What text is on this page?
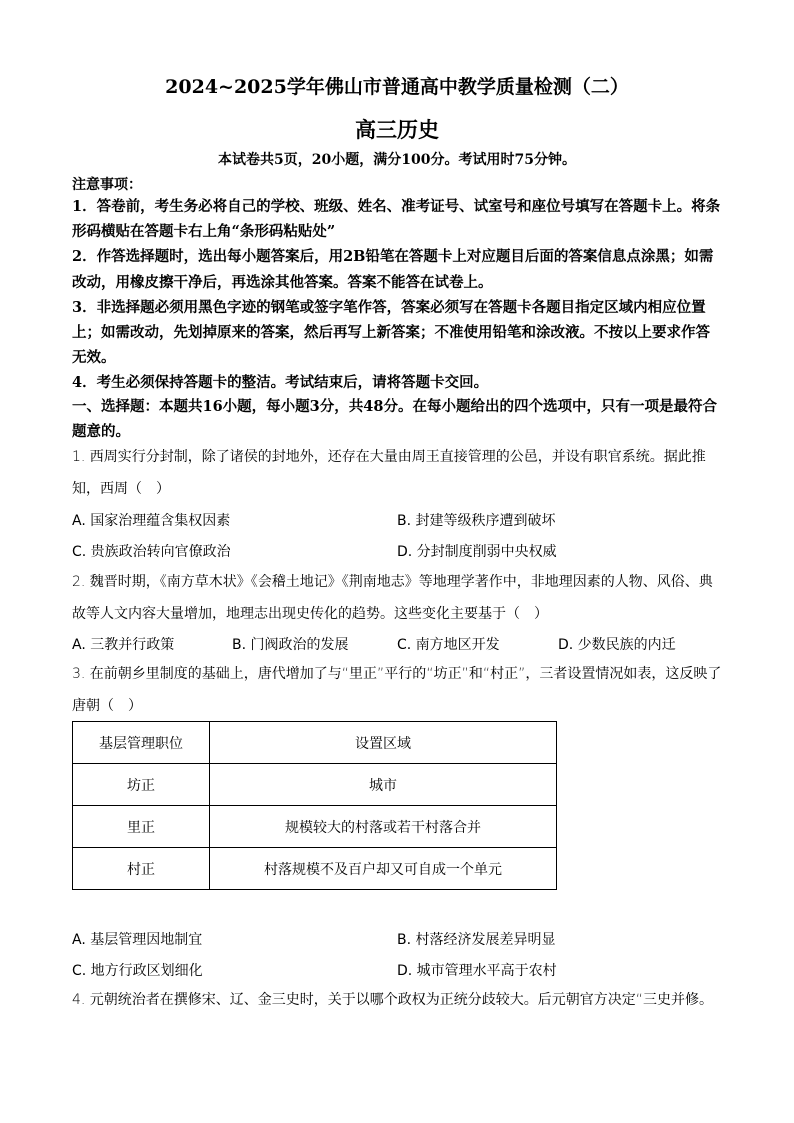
2024~2025学年佛山市普通高中教学质量检测（二）
高三历史
本试卷共5页，20小题，满分100分。考试用时75分钟。
注意事项：

1．答卷前，考生务必将自己的学校、班级、姓名、准考证号、试室号和座位号填写在答题卡上。将条形码横贴在答题卡右上角“条形码粘贴处”

2．作答选择题时，选出每小题答案后，用2B铅笔在答题卡上对应题目后面的答案信息点涂黑；如需改动，用橡皮擦干净后，再选涂其他答案。答案不能答在试卷上。

3．非选择题必须用黑色字迹的钢笔或签字笔作答，答案必须写在答题卡各题目指定区域内相应位置上；如需改动，先划掉原来的答案，然后再写上新答案；不准使用铅笔和涂改液。不按以上要求作答无效。

4．考生必须保持答题卡的整洁。考试结束后，请将答题卡交回。

一、选择题：本题共16小题，每小题3分，共48分。在每小题给出的四个选项中，只有一项是最符合题意的。
1. 西周实行分封制，除了诸侯的封地外，还存在大量由周王直接管理的公邑，并设有职官系统。据此推知，西周（　）
A. 国家治理蕴含集权因素	B. 封建等级秩序遭到破坏
C. 贵族政治转向官僚政治	D. 分封制度削弱中央权威
2. 魏晋时期，《南方草木状》《会稽土地记》《荆南地志》等地理学著作中，非地理因素的人物、风俗、典故等人文内容大量增加，地理志出现史传化的趋势。这些变化主要基于（　）
A. 三教并行政策	B. 门阀政治的发展	C. 南方地区开发	D. 少数民族的内迁
3. 在前朝乡里制度的基础上，唐代增加了与“里正”平行的“坊正”和“村正”，三者设置情况如表，这反映了唐朝（　）
基层管理职位	设置区域
坊正	城市
里正	规模较大的村落或若干村落合并
村正	村落规模不及百户却又可自成一个单元
A. 基层管理因地制宜	B. 村落经济发展差异明显
C. 地方行政区划细化	D. 城市管理水平高于农村
4. 元朝统治者在撰修宋、辽、金三史时，关于以哪个政权为正统分歧较大。后元朝官方决定“三史并修。
